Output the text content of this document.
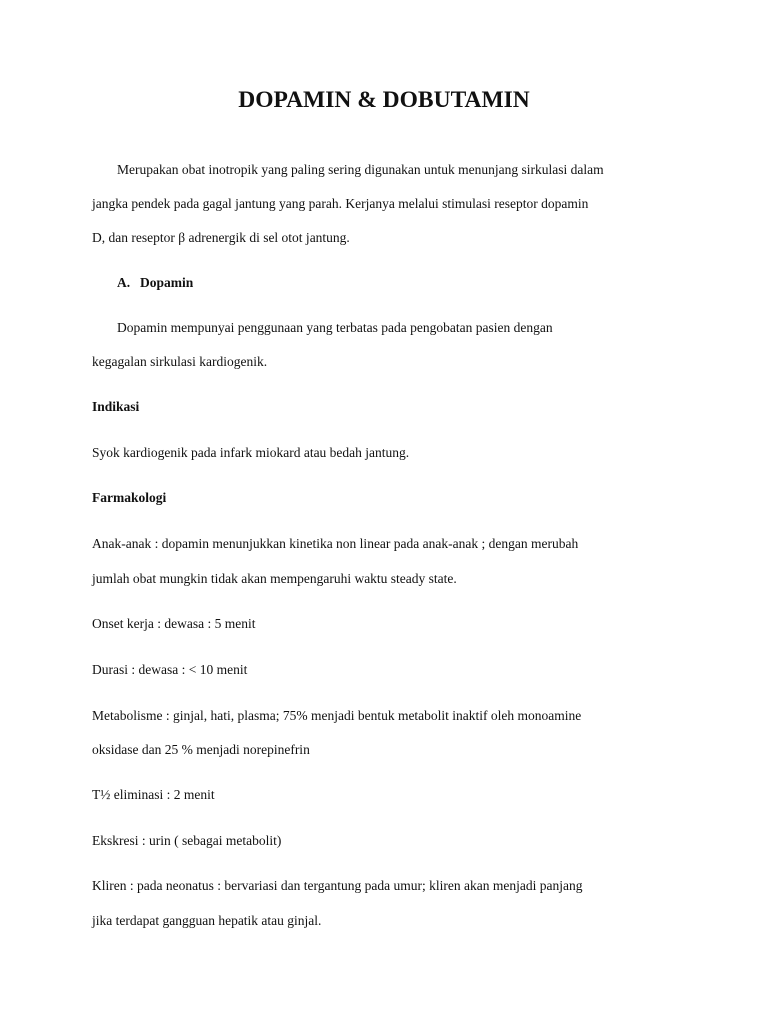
DOPAMIN & DOBUTAMIN
Merupakan obat inotropik yang paling sering digunakan untuk menunjang sirkulasi dalam
jangka pendek pada gagal jantung yang parah. Kerjanya melalui stimulasi reseptor dopamin
D, dan reseptor β adrenergik di sel otot jantung.
A. Dopamin
Dopamin mempunyai penggunaan yang terbatas pada pengobatan pasien dengan
kegagalan sirkulasi kardiogenik.
Indikasi
Syok kardiogenik pada infark miokard atau bedah jantung.
Farmakologi
Anak-anak : dopamin menunjukkan kinetika non linear pada anak-anak ; dengan merubah
jumlah obat mungkin tidak akan mempengaruhi waktu steady state.
Onset kerja : dewasa : 5 menit
Durasi : dewasa : < 10 menit
Metabolisme : ginjal, hati, plasma; 75% menjadi bentuk metabolit inaktif oleh monoamine
oksidase dan 25 % menjadi norepinefrin
T½ eliminasi : 2 menit
Ekskresi : urin ( sebagai metabolit)
Kliren : pada neonatus : bervariasi dan tergantung pada umur; kliren akan menjadi panjang
jika terdapat gangguan hepatik atau ginjal.
